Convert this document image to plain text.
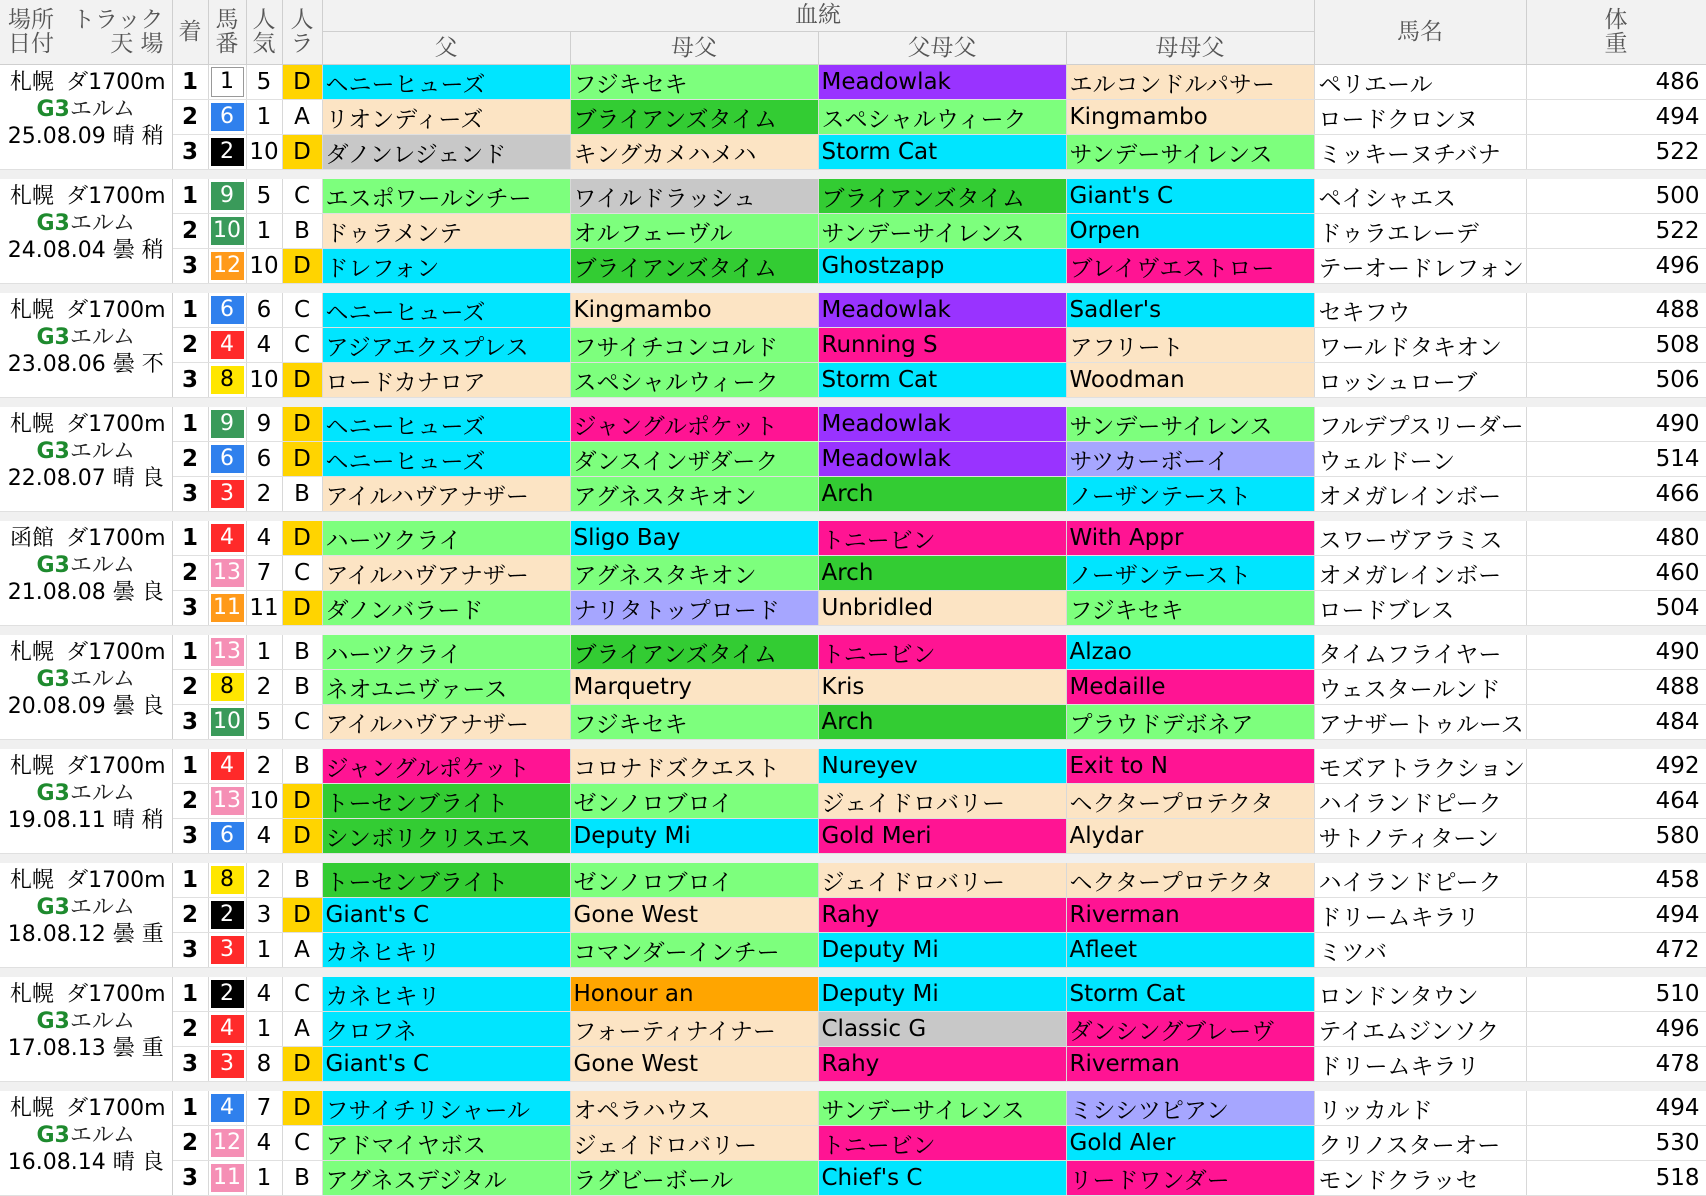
場所 トラック
日付 天 場	着	馬番	人気	人ラ	血統				馬名	体重

					父	母父	父母父	母母父		

札幌 ダ1700m
G3エルム
25.08.09 晴 稍	1	1	5	D	ヘニーヒューズ	フジキセキ	Meadowlak	エルコンドルパサー	ペリエール	486
	2	6	1	A	リオンディーズ	ブライアンズタイム	スペシャルウィーク	Kingmambo	ロードクロンヌ	494
	3	2	10	D	ダノンレジェンド	キングカメハメハ	Storm Cat	サンデーサイレンス	ミッキーヌチバナ	522

札幌 ダ1700m
G3エルム
24.08.04 曇 稍	1	9	5	C	エスポワールシチー	ワイルドラッシュ	ブライアンズタイム	Giant's C	ペイシャエス	500
	2	10	1	B	ドゥラメンテ	オルフェーヴル	サンデーサイレンス	Orpen	ドゥラエレーデ	522
	3	12	10	D	ドレフォン	ブライアンズタイム	Ghostzapp	ブレイヴエストロー	テーオードレフォン	496

札幌 ダ1700m
G3エルム
23.08.06 曇 不	1	6	6	C	ヘニーヒューズ	Kingmambo	Meadowlak	Sadler's	セキフウ	488
	2	4	4	C	アジアエクスプレス	フサイチコンコルド	Running S	アフリート	ワールドタキオン	508
	3	8	10	D	ロードカナロア	スペシャルウィーク	Storm Cat	Woodman	ロッシュローブ	506

札幌 ダ1700m
G3エルム
22.08.07 晴 良	1	9	9	D	ヘニーヒューズ	ジャングルポケット	Meadowlak	サンデーサイレンス	フルデプスリーダー	490
	2	6	6	D	ヘニーヒューズ	ダンスインザダーク	Meadowlak	サツカーボーイ	ウェルドーン	514
	3	3	2	B	アイルハヴアナザー	アグネスタキオン	Arch	ノーザンテースト	オメガレインボー	466

函館 ダ1700m
G3エルム
21.08.08 曇 良	1	4	4	D	ハーツクライ	Sligo Bay	トニービン	With Appr	スワーヴアラミス	480
	2	13	7	C	アイルハヴアナザー	アグネスタキオン	Arch	ノーザンテースト	オメガレインボー	460
	3	11	11	D	ダノンバラード	ナリタトップロード	Unbridled	フジキセキ	ロードブレス	504

札幌 ダ1700m
G3エルム
20.08.09 曇 良	1	13	1	B	ハーツクライ	ブライアンズタイム	トニービン	Alzao	タイムフライヤー	490
	2	8	2	B	ネオユニヴァース	Marquetry	Kris	Medaille	ウェスタールンド	488
	3	10	5	C	アイルハヴアナザー	フジキセキ	Arch	プラウドデボネア	アナザートゥルース	484

札幌 ダ1700m
G3エルム
19.08.11 晴 稍	1	4	2	B	ジャングルポケット	コロナドズクエスト	Nureyev	Exit to N	モズアトラクション	492
	2	13	10	D	トーセンブライト	ゼンノロブロイ	ジェイドロバリー	ヘクタープロテクタ	ハイランドピーク	464
	3	6	4	D	シンボリクリスエス	Deputy Mi	Gold Meri	Alydar	サトノティターン	580

札幌 ダ1700m
G3エルム
18.08.12 曇 重	1	8	2	B	トーセンブライト	ゼンノロブロイ	ジェイドロバリー	ヘクタープロテクタ	ハイランドピーク	458
	2	2	3	D	Giant's C	Gone West	Rahy	Riverman	ドリームキラリ	494
	3	3	1	A	カネヒキリ	コマンダーインチー	Deputy Mi	Afleet	ミツバ	472

札幌 ダ1700m
G3エルム
17.08.13 曇 重	1	2	4	C	カネヒキリ	Honour an	Deputy Mi	Storm Cat	ロンドンタウン	510
	2	4	1	A	クロフネ	フォーティナイナー	Classic G	ダンシングブレーヴ	テイエムジンソク	496
	3	3	8	D	Giant's C	Gone West	Rahy	Riverman	ドリームキラリ	478

札幌 ダ1700m
G3エルム
16.08.14 晴 良	1	4	7	D	フサイチリシャール	オペラハウス	サンデーサイレンス	ミシシツピアン	リッカルド	494
	2	12	4	C	アドマイヤボス	ジェイドロバリー	トニービン	Gold Aler	クリノスターオー	530
	3	11	1	B	アグネスデジタル	ラグビーボール	Chief's C	リードワンダー	モンドクラッセ	518
